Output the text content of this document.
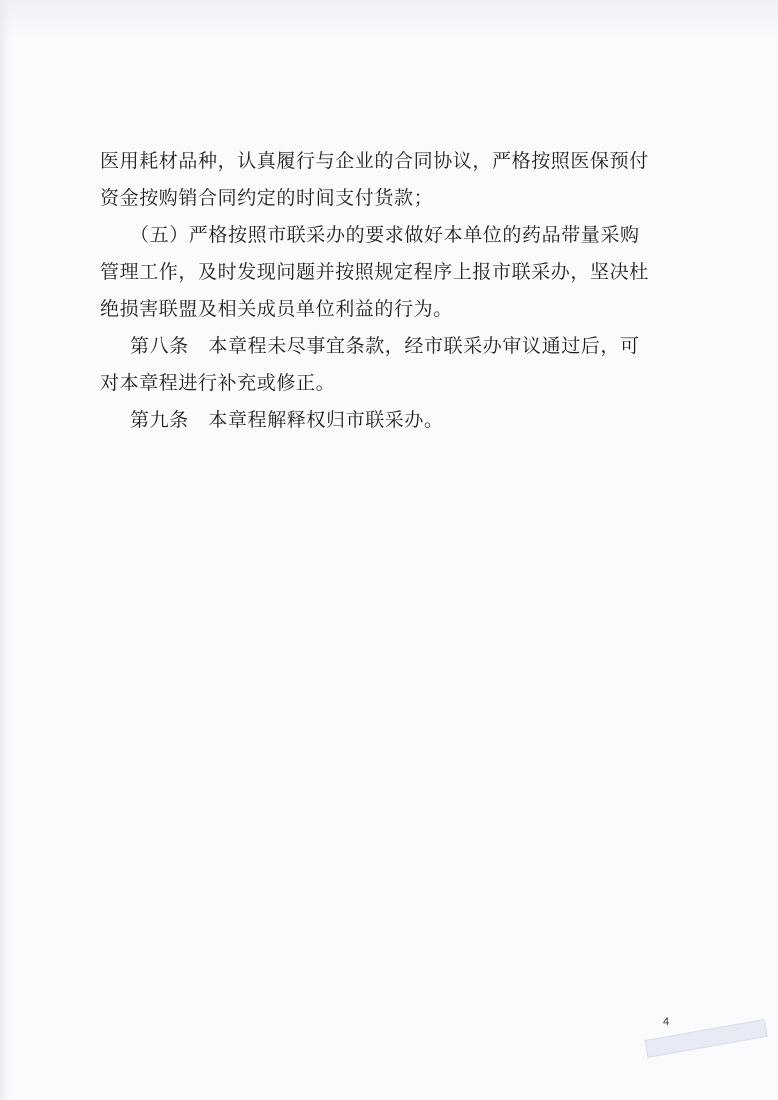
医用耗材品种，认真履行与企业的合同协议，严格按照医保预付

资金按购销合同约定的时间支付货款；

（五）严格按照市联采办的要求做好本单位的药品带量采购

管理工作，及时发现问题并按照规定程序上报市联采办，坚决杜

绝损害联盟及相关成员单位利益的行为。

第八条　本章程未尽事宜条款，经市联采办审议通过后，可

对本章程进行补充或修正。

第九条　本章程解释权归市联采办。

4
